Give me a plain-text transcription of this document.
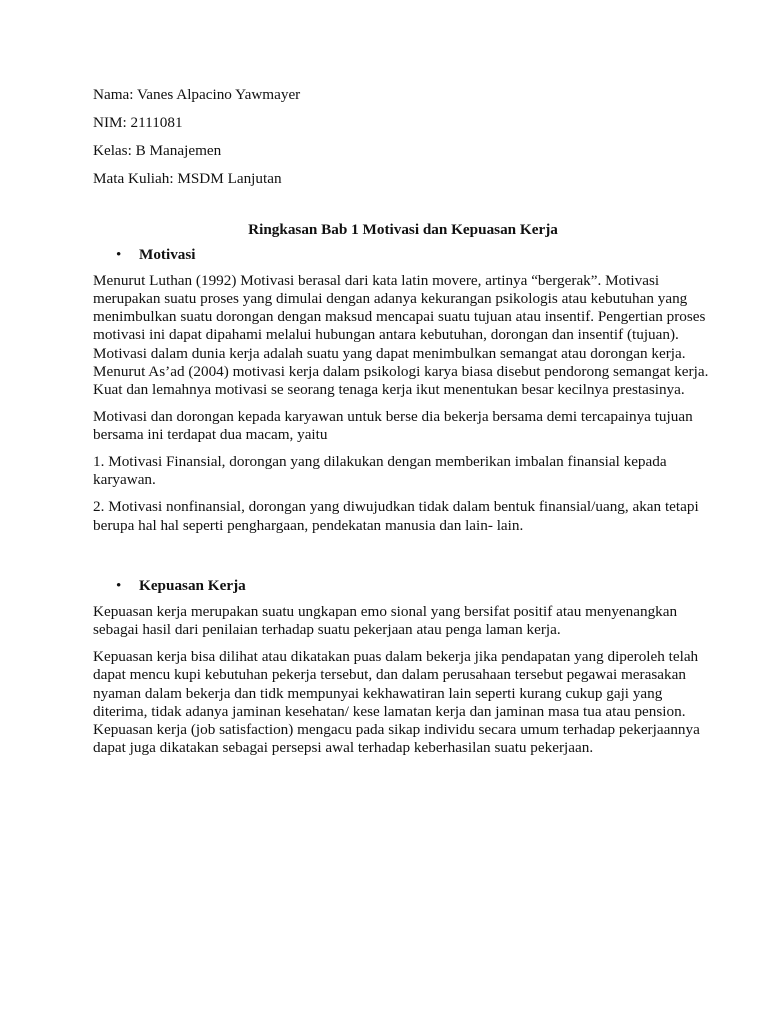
Nama: Vanes Alpacino Yawmayer

NIM: 2111081

Kelas: B Manajemen

Mata Kuliah: MSDM Lanjutan

Ringkasan Bab 1 Motivasi dan Kepuasan Kerja

• Motivasi

Menurut Luthan (1992) Motivasi berasal dari kata latin movere, artinya “bergerak”. Motivasi merupakan suatu proses yang dimulai dengan adanya kekurangan psikologis atau kebutuhan yang menimbulkan suatu dorongan dengan maksud mencapai suatu tujuan atau insentif. Pengertian proses motivasi ini dapat dipahami melalui hubungan antara kebutuhan, dorongan dan insentif (tujuan). Motivasi dalam dunia kerja adalah suatu yang dapat menimbulkan semangat atau dorongan kerja. Menurut As’ad (2004) motivasi kerja dalam psikologi karya biasa disebut pendorong semangat kerja. Kuat dan lemahnya motivasi se seorang tenaga kerja ikut menentukan besar kecilnya prestasinya.

Motivasi dan dorongan kepada karyawan untuk berse dia bekerja bersama demi tercapainya tujuan bersama ini terdapat dua macam, yaitu

1. Motivasi Finansial, dorongan yang dilakukan dengan memberikan imbalan finansial kepada karyawan.

2. Motivasi nonfinansial, dorongan yang diwujudkan tidak dalam bentuk finansial/uang, akan tetapi berupa hal hal seperti penghargaan, pendekatan manusia dan lain- lain.

• Kepuasan Kerja

Kepuasan kerja merupakan suatu ungkapan emo sional yang bersifat positif atau menyenangkan sebagai hasil dari penilaian terhadap suatu pekerjaan atau penga laman kerja.

Kepuasan kerja bisa dilihat atau dikatakan puas dalam bekerja jika pendapatan yang diperoleh telah dapat mencu kupi kebutuhan pekerja tersebut, dan dalam perusahaan tersebut pegawai merasakan nyaman dalam bekerja dan tidk mempunyai kekhawatiran lain seperti kurang cukup gaji yang diterima, tidak adanya jaminan kesehatan/ kese lamatan kerja dan jaminan masa tua atau pension. Kepuasan kerja (job satisfaction) mengacu pada sikap individu secara umum terhadap pekerjaannya dapat juga dikatakan sebagai persepsi awal terhadap keberhasilan suatu pekerjaan.
